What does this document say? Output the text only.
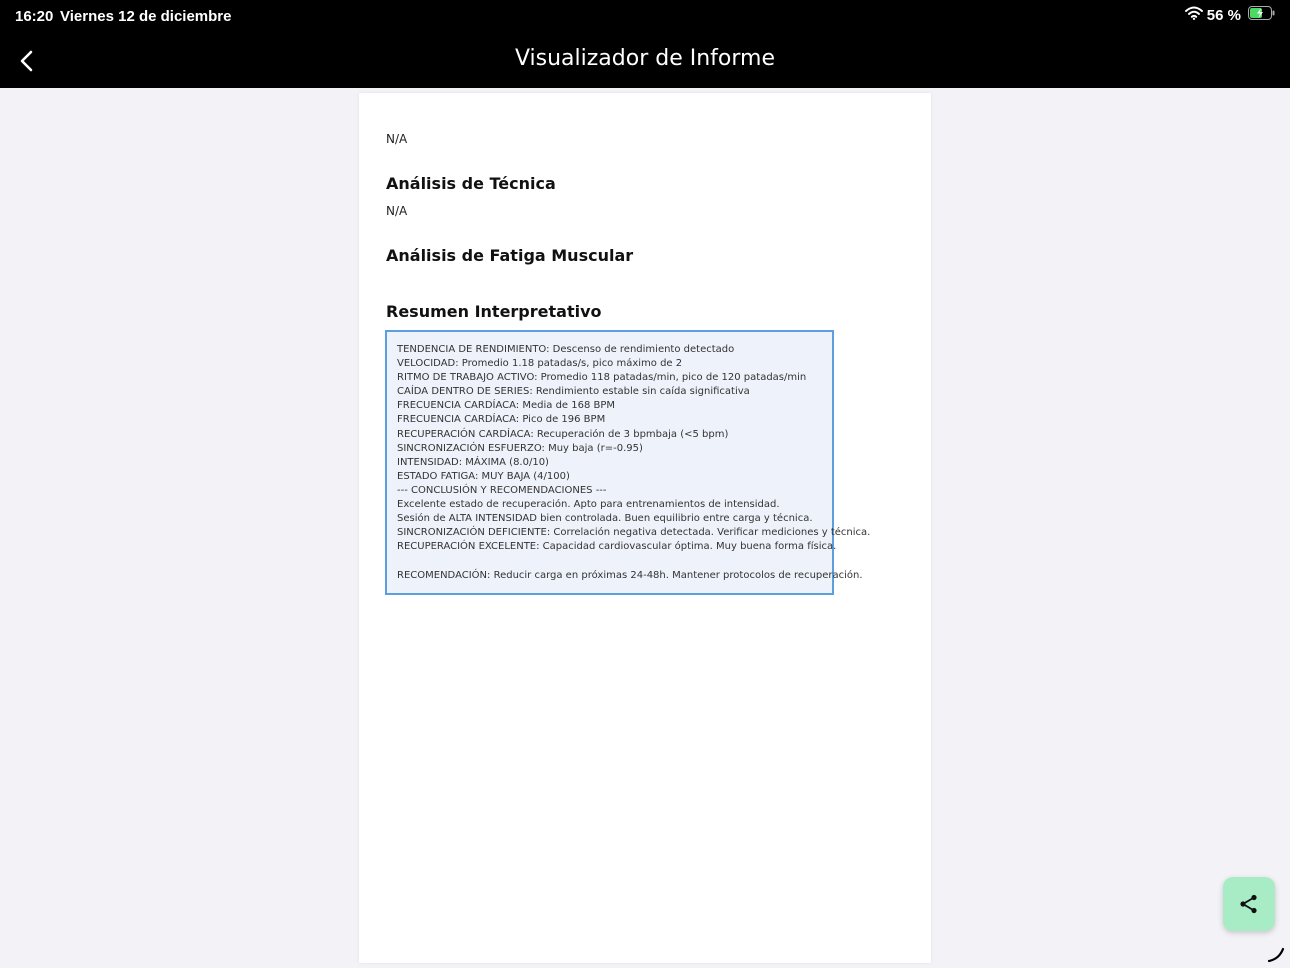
16:20 Viernes 12 de diciembre	56 %
Visualizador de Informe
N/A
Análisis de Técnica
N/A
Análisis de Fatiga Muscular
Resumen Interpretativo
TENDENCIA DE RENDIMIENTO: Descenso de rendimiento detectado
VELOCIDAD: Promedio 1.18 patadas/s, pico máximo de 2
RITMO DE TRABAJO ACTIVO: Promedio 118 patadas/min, pico de 120 patadas/min
CAÍDA DENTRO DE SERIES: Rendimiento estable sin caída significativa
FRECUENCIA CARDÍACA: Media de 168 BPM
FRECUENCIA CARDÍACA: Pico de 196 BPM
RECUPERACIÓN CARDÍACA: Recuperación de 3 bpmbaja (<5 bpm)
SINCRONIZACIÓN ESFUERZO: Muy baja (r=-0.95)
INTENSIDAD: MÁXIMA (8.0/10)
ESTADO FATIGA: MUY BAJA (4/100)
--- CONCLUSIÓN Y RECOMENDACIONES ---
Excelente estado de recuperación. Apto para entrenamientos de intensidad.
Sesión de ALTA INTENSIDAD bien controlada. Buen equilibrio entre carga y técnica.
SINCRONIZACIÓN DEFICIENTE: Correlación negativa detectada. Verificar mediciones y técnica.
RECUPERACIÓN EXCELENTE: Capacidad cardiovascular óptima. Muy buena forma física.
RECOMENDACIÓN: Reducir carga en próximas 24-48h. Mantener protocolos de recuperación.
